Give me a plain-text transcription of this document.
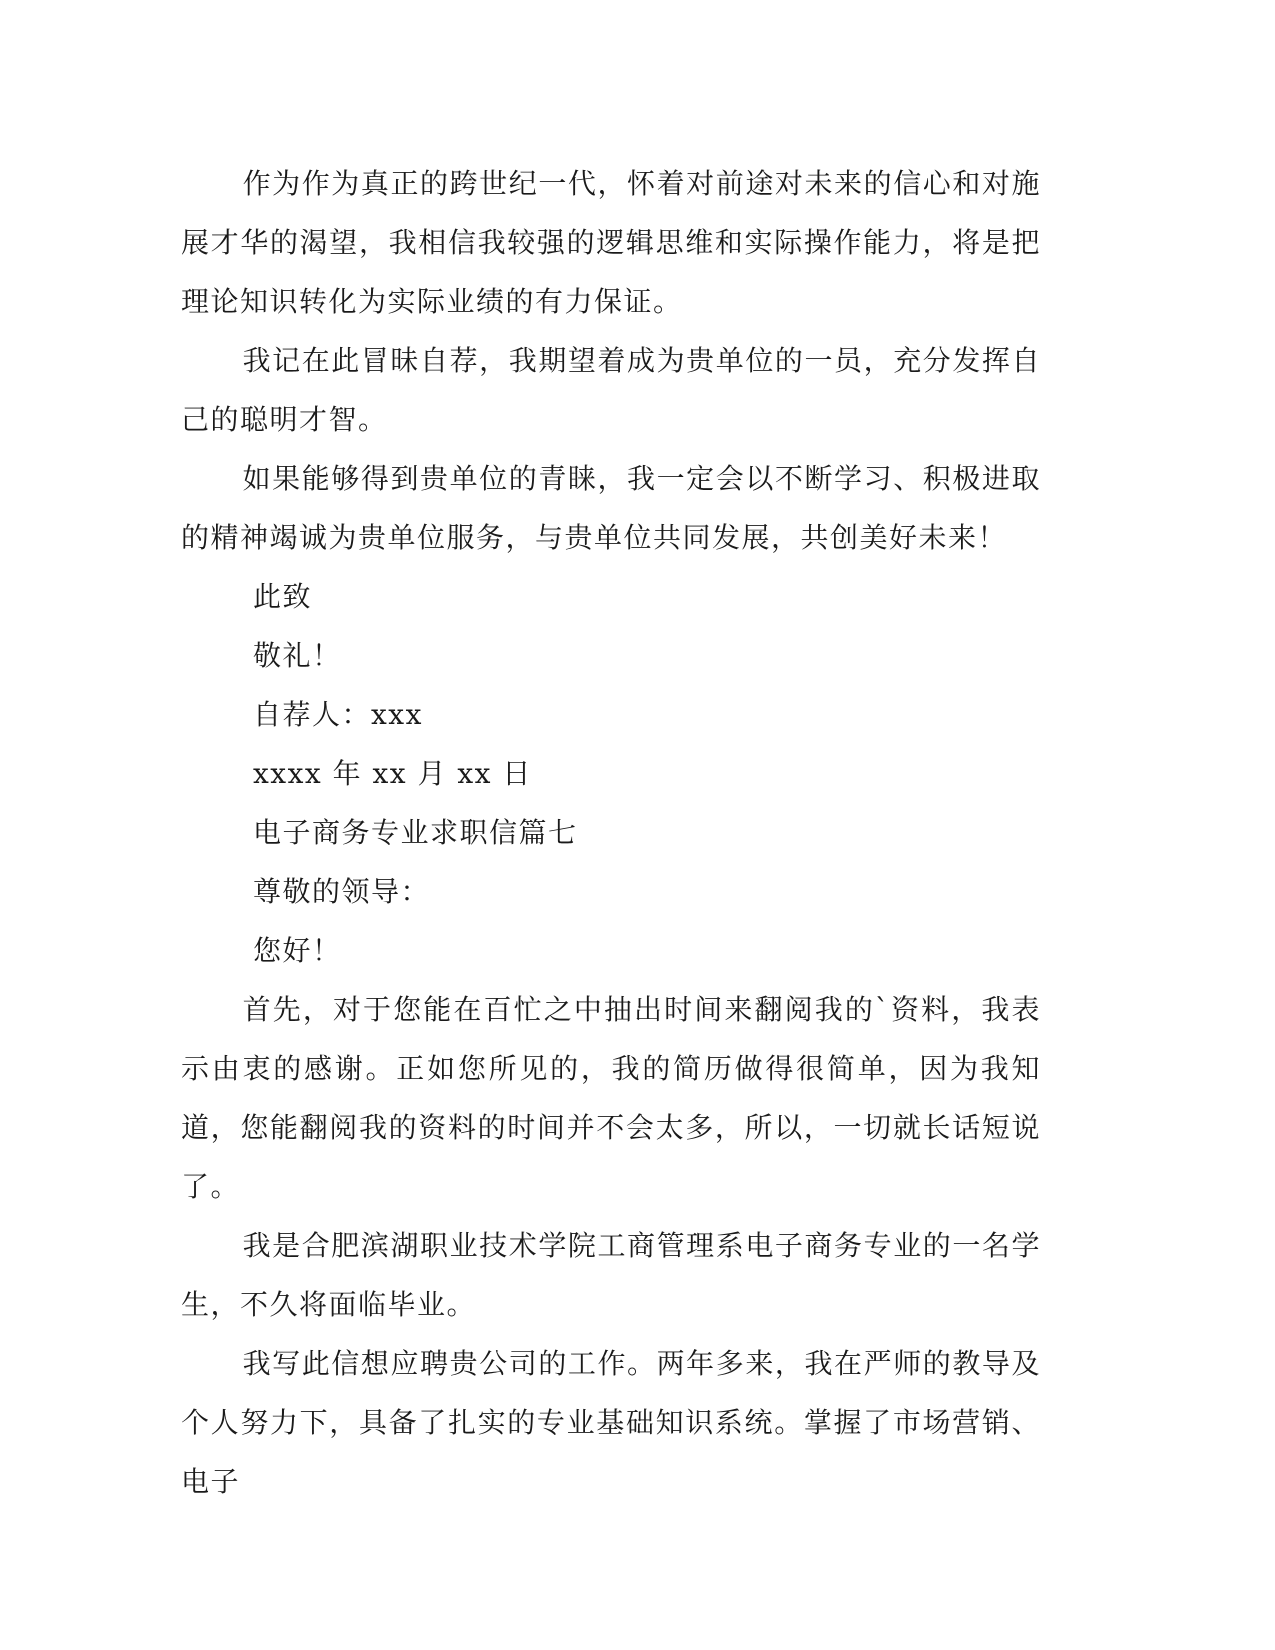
作为作为真正的跨世纪一代，怀着对前途对未来的信心和对施展才华的渴望，我相信我较强的逻辑思维和实际操作能力，将是把理论知识转化为实际业绩的有力保证。

我记在此冒昧自荐，我期望着成为贵单位的一员，充分发挥自己的聪明才智。

如果能够得到贵单位的青睐，我一定会以不断学习、积极进取的精神竭诚为贵单位服务，与贵单位共同发展，共创美好未来！

此致

敬礼！

自荐人：xxx

xxxx 年 xx 月 xx 日

电子商务专业求职信篇七

尊敬的领导：

您好！

首先，对于您能在百忙之中抽出时间来翻阅我的`资料，我表示由衷的感谢。正如您所见的，我的简历做得很简单，因为我知道，您能翻阅我的资料的时间并不会太多，所以，一切就长话短说了。

我是合肥滨湖职业技术学院工商管理系电子商务专业的一名学生，不久将面临毕业。

我写此信想应聘贵公司的工作。两年多来，我在严师的教导及个人努力下，具备了扎实的专业基础知识系统。掌握了市场营销、电子
